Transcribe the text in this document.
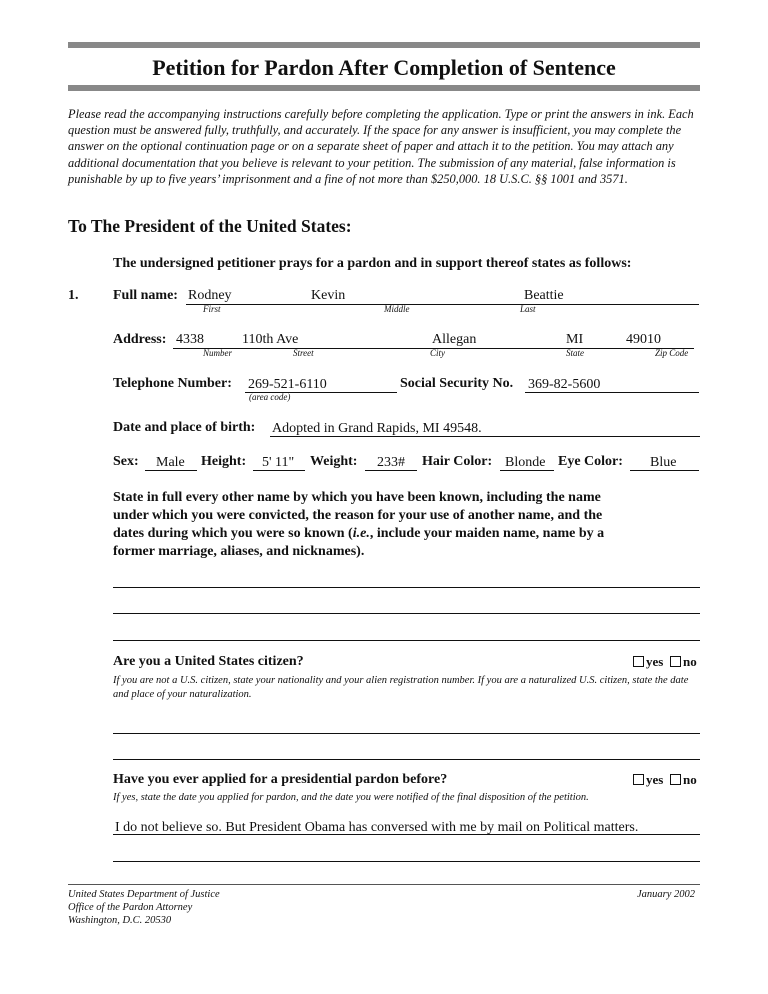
Petition for Pardon After Completion of Sentence
Please read the accompanying instructions carefully before completing the application. Type or print the answers in ink. Each question must be answered fully, truthfully, and accurately. If the space for any answer is insufficient, you may complete the answer on the optional continuation page or on a separate sheet of paper and attach it to the petition. You may attach any additional documentation that you believe is relevant to your petition. The submission of any material, false information is punishable by up to five years’ imprisonment and a fine of not more than $250,000. 18 U.S.C. §§ 1001 and 3571.
To The President of the United States:
The undersigned petitioner prays for a pardon and in support thereof states as follows:
1. Full name: Rodney	Kevin	Beattie
First	Middle	Last
Address: 4338	110th Ave	Allegan	MI	49010
Number	Street	City	State	Zip Code
Telephone Number: 269-521-6110
(area code)
Social Security No. 369-82-5600
Date and place of birth: Adopted in Grand Rapids, MI 49548.
Sex: Male Height: 5' 11" Weight: 233# Hair Color: Blonde Eye Color: Blue
State in full every other name by which you have been known, including the name
under which you were convicted, the reason for your use of another name, and the
dates during which you were so known (i.e., include your maiden name, name by a
former marriage, aliases, and nicknames).
Are you a United States citizen?	yes	no
If you are not a U.S. citizen, state your nationality and your alien registration number. If you are a naturalized U.S. citizen, state the date and place of your naturalization.
Have you ever applied for a presidential pardon before?	yes	no
If yes, state the date you applied for pardon, and the date you were notified of the final disposition of the petition.
I do not believe so. But President Obama has conversed with me by mail on Political matters.
United States Department of Justice
Office of the Pardon Attorney
Washington, D.C. 20530
January 2002
